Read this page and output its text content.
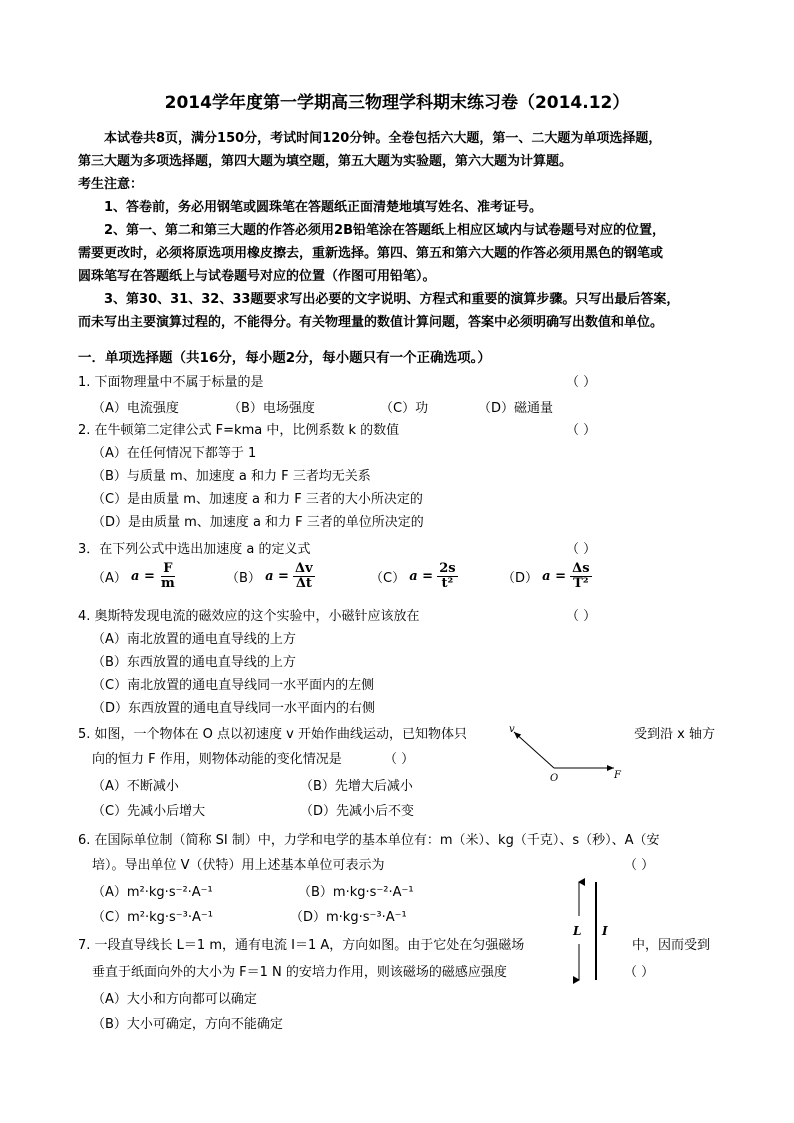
2014学年度第一学期高三物理学科期末练习卷（2014.12）
本试卷共8页，满分150分，考试时间120分钟。全卷包括六大题，第一、二大题为单项选择题，
第三大题为多项选择题，第四大题为填空题，第五大题为实验题，第六大题为计算题。
考生注意：
1、答卷前，务必用钢笔或圆珠笔在答题纸正面清楚地填写姓名、准考证号。
2、第一、第二和第三大题的作答必须用2B铅笔涂在答题纸上相应区域内与试卷题号对应的位置，
需要更改时，必须将原选项用橡皮擦去，重新选择。第四、第五和第六大题的作答必须用黑色的钢笔或
圆珠笔写在答题纸上与试卷题号对应的位置（作图可用铅笔）。
3、第30、31、32、33题要求写出必要的文字说明、方程式和重要的演算步骤。只写出最后答案，
而未写出主要演算过程的，不能得分。有关物理量的数值计算问题，答案中必须明确写出数值和单位。
一．单项选择题（共16分，每小题2分，每小题只有一个正确选项。）
1. 下面物理量中不属于标量的是	（ ）
（A）电流强度	（B）电场强度	（C）功	（D）磁通量
2. 在牛顿第二定律公式 F=kma 中，比例系数 k 的数值	（ ）
（A）在任何情况下都等于 1
（B）与质量 m、加速度 a 和力 F 三者均无关系
（C）是由质量 m、加速度 a 和力 F 三者的大小所决定的
（D）是由质量 m、加速度 a 和力 F 三者的单位所决定的
3．在下列公式中选出加速度 a 的定义式	（ ）
（A） $a = \frac{F}{m}$	（B） $a = \frac{\Delta v}{\Delta t}$	（C） $a = \frac{2s}{\text{t²}}$	（D） $a = \frac{\Delta s}{\text{T²}}$
4. 奥斯特发现电流的磁效应的这个实验中，小磁针应该放在	（ ）
（A）南北放置的通电直导线的上方
（B）东西放置的通电直导线的上方
（C）南北放置的通电直导线同一水平面内的左侧
（D）东西放置的通电直导线同一水平面内的右侧
5. 如图，一个物体在 O 点以初速度 v 开始作曲线运动，已知物体只	受到沿 x 轴方
向的恒力 F 作用，则物体动能的变化情况是	（ ）
（A）不断减小	（B）先增大后减小
（C）先减小后增大	（D）先减小后不变
v
O	F
6. 在国际单位制（简称 SI 制）中，力学和电学的基本单位有：m（米）、kg（千克）、s（秒）、A（安
培）。导出单位 V（伏特）用上述基本单位可表示为	（ ）
（A）m²·kg·s⁻²·A⁻¹	（B）m·kg·s⁻²·A⁻¹
（C）m²·kg·s⁻³·A⁻¹	（D）m·kg·s⁻³·A⁻¹
L I
7. 一段直导线长 L＝1 m，通有电流 I＝1 A，方向如图。由于它处在匀强磁场	中，因而受到
垂直于纸面向外的大小为 F＝1 N 的安培力作用，则该磁场的磁感应强度	（ ）
（A）大小和方向都可以确定
（B）大小可确定，方向不能确定
